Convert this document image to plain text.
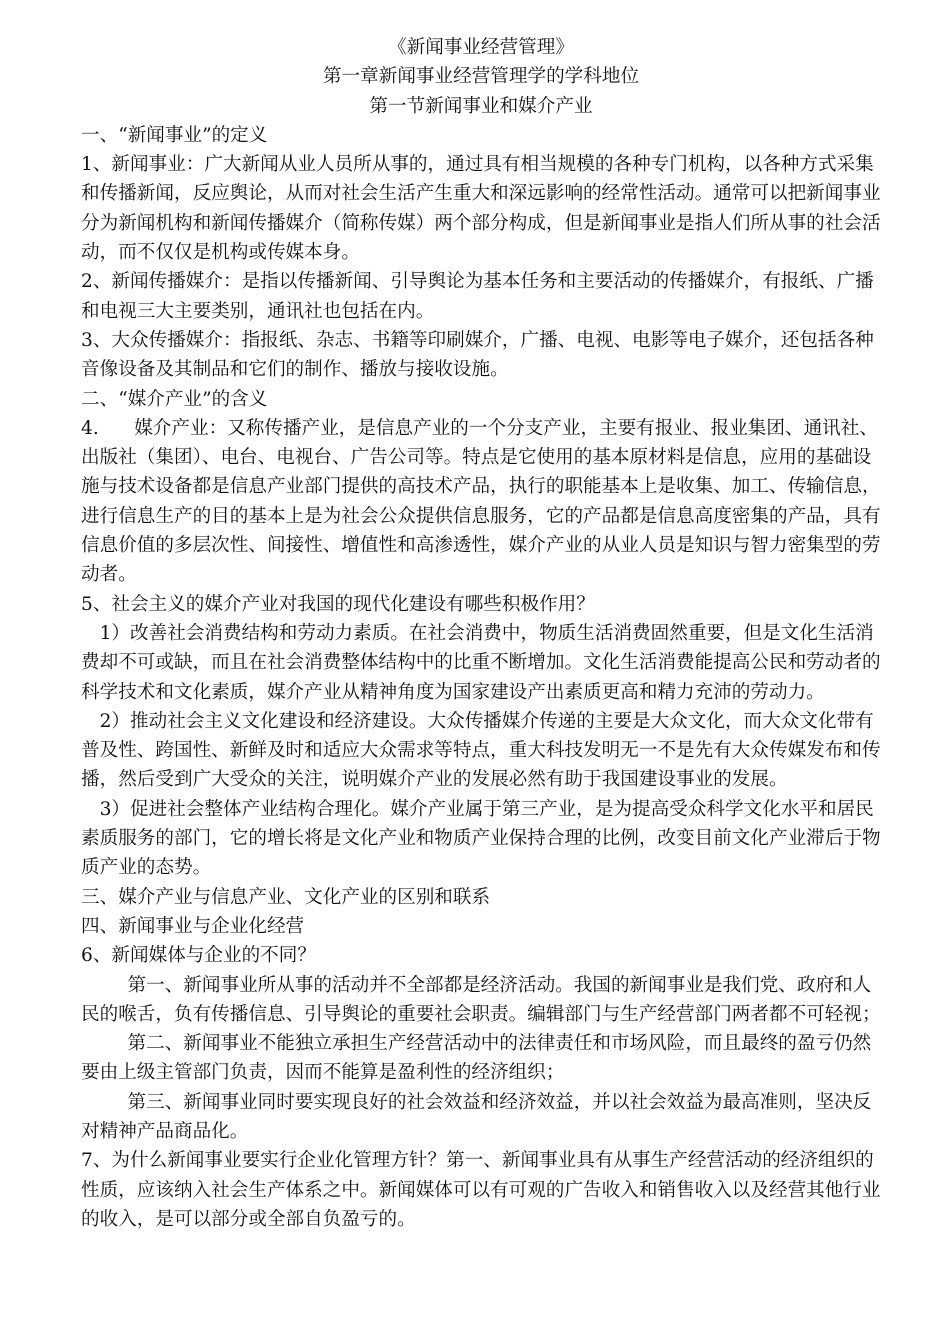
《新闻事业经营管理》

第一章新闻事业经营管理学的学科地位

第一节新闻事业和媒介产业

一、“新闻事业”的定义

1、新闻事业：广大新闻从业人员所从事的，通过具有相当规模的各种专门机构，以各种方式采集和传播新闻，反应舆论，从而对社会生活产生重大和深远影响的经常性活动。通常可以把新闻事业分为新闻机构和新闻传播媒介（简称传媒）两个部分构成，但是新闻事业是指人们所从事的社会活动，而不仅仅是机构或传媒本身。

2、新闻传播媒介：是指以传播新闻、引导舆论为基本任务和主要活动的传播媒介，有报纸、广播和电视三大主要类别，通讯社也包括在内。

3、大众传播媒介：指报纸、杂志、书籍等印刷媒介，广播、电视、电影等电子媒介，还包括各种音像设备及其制品和它们的制作、播放与接收设施。

二、“媒介产业”的含义

4.      媒介产业：又称传播产业，是信息产业的一个分支产业，主要有报业、报业集团、通讯社、出版社（集团）、电台、电视台、广告公司等。特点是它使用的基本原材料是信息，应用的基础设施与技术设备都是信息产业部门提供的高技术产品，执行的职能基本上是收集、加工、传输信息，进行信息生产的目的基本上是为社会公众提供信息服务，它的产品都是信息高度密集的产品，具有信息价值的多层次性、间接性、增值性和高渗透性，媒介产业的从业人员是知识与智力密集型的劳动者。

5、社会主义的媒介产业对我国的现代化建设有哪些积极作用？

1）改善社会消费结构和劳动力素质。在社会消费中，物质生活消费固然重要，但是文化生活消费却不可或缺，而且在社会消费整体结构中的比重不断增加。文化生活消费能提高公民和劳动者的科学技术和文化素质，媒介产业从精神角度为国家建设产出素质更高和精力充沛的劳动力。

2）推动社会主义文化建设和经济建设。大众传播媒介传递的主要是大众文化，而大众文化带有普及性、跨国性、新鲜及时和适应大众需求等特点，重大科技发明无一不是先有大众传媒发布和传播，然后受到广大受众的关注，说明媒介产业的发展必然有助于我国建设事业的发展。

3）促进社会整体产业结构合理化。媒介产业属于第三产业，是为提高受众科学文化水平和居民素质服务的部门，它的增长将是文化产业和物质产业保持合理的比例，改变目前文化产业滞后于物质产业的态势。

三、媒介产业与信息产业、文化产业的区别和联系

四、新闻事业与企业化经营

6、新闻媒体与企业的不同？

第一、新闻事业所从事的活动并不全部都是经济活动。我国的新闻事业是我们党、政府和人民的喉舌，负有传播信息、引导舆论的重要社会职责。编辑部门与生产经营部门两者都不可轻视；

第二、新闻事业不能独立承担生产经营活动中的法律责任和市场风险，而且最终的盈亏仍然要由上级主管部门负责，因而不能算是盈利性的经济组织；

第三、新闻事业同时要实现良好的社会效益和经济效益，并以社会效益为最高准则，坚决反对精神产品商品化。

7、为什么新闻事业要实行企业化管理方针？第一、新闻事业具有从事生产经营活动的经济组织的性质，应该纳入社会生产体系之中。新闻媒体可以有可观的广告收入和销售收入以及经营其他行业的收入，是可以部分或全部自负盈亏的。
